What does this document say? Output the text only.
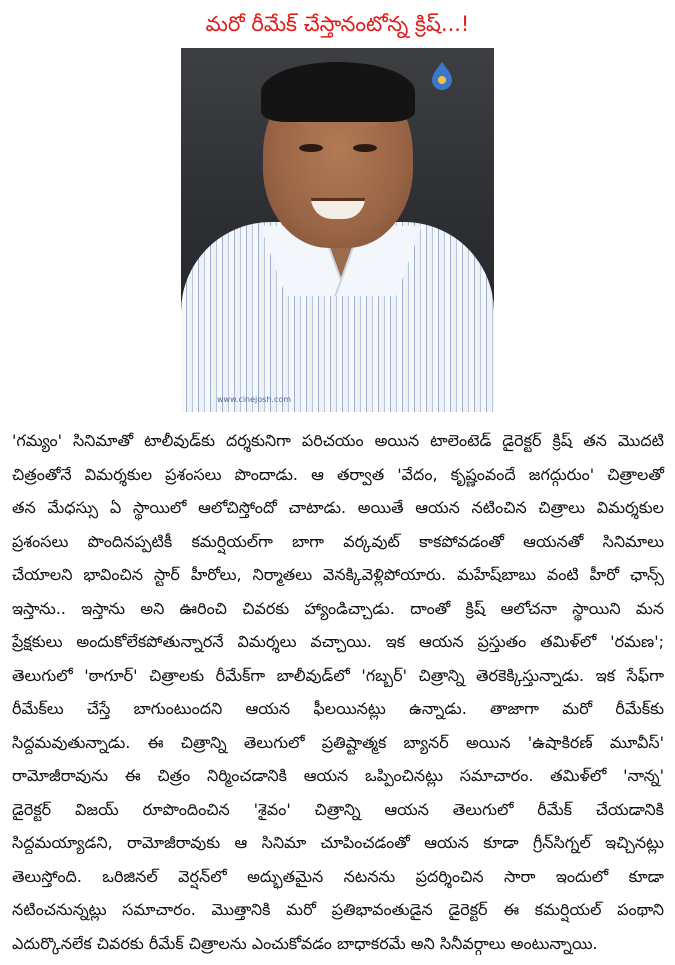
మరో రీమేక్ చేస్తానంటోన్న క్రిష్...!
www.cinejosh.com
'గమ్యం' సినిమాతో టాలీవుడ్‌కు దర్శకునిగా పరిచయం అయిన టాలెంటెడ్ డైరెక్టర్ క్రిష్ తన మొదటి
చిత్రంతోనే విమర్శకుల ప్రశంసలు పొందాడు. ఆ తర్వాత 'వేదం, కృష్ణంవందే జగద్గురుం' చిత్రాలతో
తన మేధస్సు ఏ స్థాయిలో ఆలోచిస్తోందో చాటాడు. అయితే ఆయన నటించిన చిత్రాలు విమర్శకుల
ప్రశంసలు పొందినప్పటికీ కమర్షియల్‌గా బాగా వర్కవుట్ కాకపోవడంతో ఆయనతో సినిమాలు
చేయాలని భావించిన స్టార్ హీరోలు, నిర్మాతలు వెనక్కివెళ్లిపోయారు. మహేష్‌బాబు వంటి హీరో ఛాన్స్
ఇస్తాను.. ఇస్తాను అని ఊరించి చివరకు హ్యాండిచ్చాడు. దాంతో క్రిష్ ఆలోచనా స్థాయిని మన
ప్రేక్షకులు అందుకోలేకపోతున్నారనే విమర్శలు వచ్చాయి. ఇక ఆయన ప్రస్తుతం తమిళ్‌లో 'రమణ';
తెలుగులో 'ఠాగూర్' చిత్రాలకు రీమేక్‌గా బాలీవుడ్‌లో 'గబ్బర్' చిత్రాన్ని తెరకెక్కిస్తున్నాడు. ఇక సేఫ్‌గా
రీమేక్‌లు చేస్తే బాగుంటుందని ఆయన ఫీలయినట్లు ఉన్నాడు. తాజాగా మరో రీమేక్‌కు
సిద్దమవుతున్నాడు. ఈ చిత్రాన్ని తెలుగులో ప్రతిష్టాత్మక బ్యానర్ అయిన 'ఉషాకిరణ్ మూవీస్'
రామోజీరావును ఈ చిత్రం నిర్మించడానికి ఆయన ఒప్పించినట్లు సమాచారం. తమిళ్‌లో 'నాన్న'
డైరెక్టర్ విజయ్ రూపొందించిన 'శైవం' చిత్రాన్ని ఆయన తెలుగులో రీమేక్ చేయడానికి
సిద్దమయ్యాడని, రామోజీరావుకు ఆ సినిమా చూపించడంతో ఆయన కూడా గ్రీన్‌సిగ్నల్ ఇచ్చినట్లు
తెలుస్తోంది. ఒరిజినల్ వెర్షన్‌లో అద్భుతమైన నటనను ప్రదర్శించిన సారా ఇందులో కూడా
నటించనున్నట్లు సమాచారం. మొత్తానికి మరో ప్రతిభావంతుడైన డైరెక్టర్ ఈ కమర్షియల్ పంథాని
ఎదుర్కొనలేక చివరకు రీమేక్ చిత్రాలను ఎంచుకోవడం బాధాకరమే అని సినీవర్గాలు అంటున్నాయి.
